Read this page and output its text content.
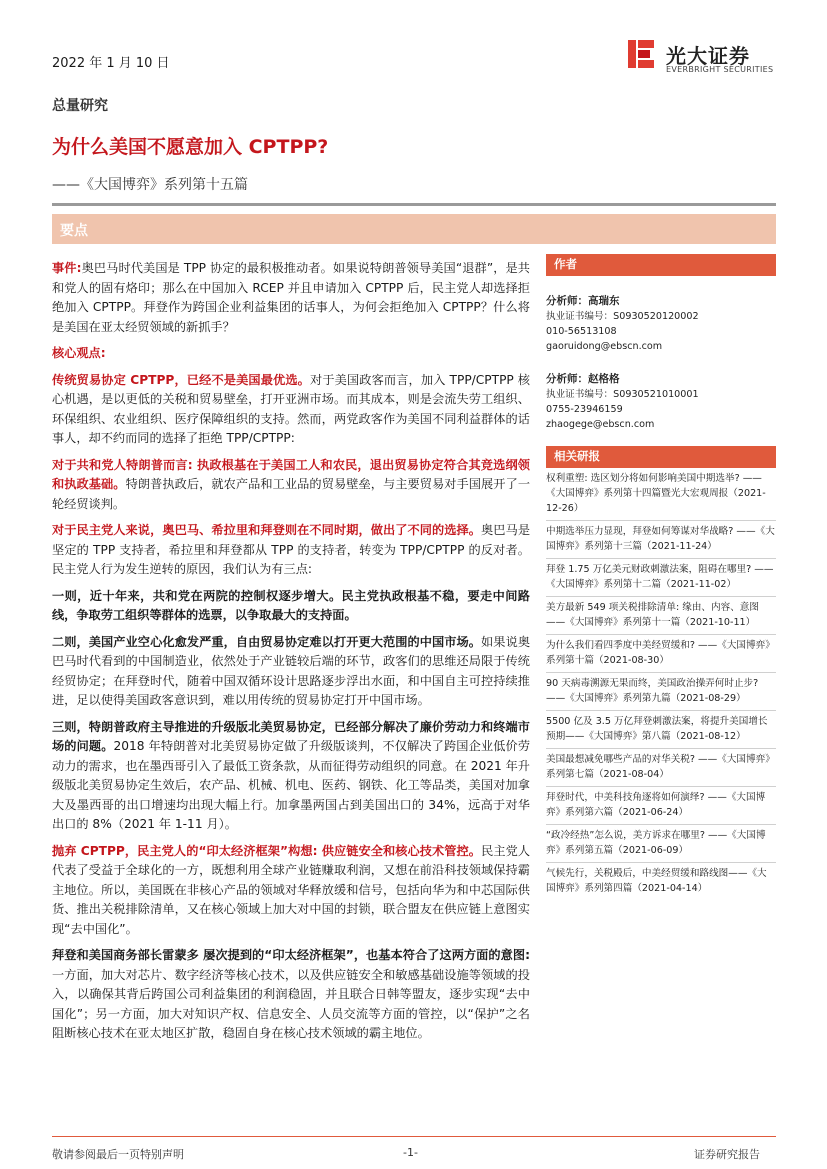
2022 年 1 月 10 日	光大证券
EVERBRIGHT SECURITIES
总量研究
为什么美国不愿意加入 CPTPP?
——《大国博弈》系列第十五篇
要点

事件:奥巴马时代美国是 TPP 协定的最积极推动者。如果说特朗普领导美国“退群”，是共和党人的固有烙印；那么在中国加入 RCEP 并且申请加入 CPTPP 后，民主党人却选择拒绝加入 CPTPP。拜登作为跨国企业利益集团的话事人，为何会拒绝加入 CPTPP？什么将是美国在亚太经贸领域的新抓手？

核心观点:

传统贸易协定 CPTPP，已经不是美国最优选。对于美国政客而言，加入 TPP/CPTPP 核心机遇，是以更低的关税和贸易壁垒，打开亚洲市场。而其成本，则是会流失劳工组织、环保组织、农业组织、医疗保障组织的支持。然而，两党政客作为美国不同利益群体的话事人，却不约而同的选择了拒绝 TPP/CPTPP:

对于共和党人特朗普而言: 执政根基在于美国工人和农民，退出贸易协定符合其竞选纲领和执政基础。特朗普执政后，就农产品和工业品的贸易壁垒，与主要贸易对手国展开了一轮经贸谈判。

对于民主党人来说，奥巴马、希拉里和拜登则在不同时期，做出了不同的选择。奥巴马是坚定的 TPP 支持者，希拉里和拜登都从 TPP 的支持者，转变为 TPP/CPTPP 的反对者。民主党人行为发生逆转的原因，我们认为有三点:

一则，近十年来，共和党在两院的控制权逐步增大。民主党执政根基不稳，要走中间路线，争取劳工组织等群体的选票，以争取最大的支持面。

二则，美国产业空心化愈发严重，自由贸易协定难以打开更大范围的中国市场。如果说奥巴马时代看到的中国制造业，依然处于产业链较后端的环节，政客们的思维还局限于传统经贸协定；在拜登时代，随着中国双循环设计思路逐步浮出水面，和中国自主可控持续推进，足以使得美国政客意识到，难以用传统的贸易协定打开中国市场。

三则，特朗普政府主导推进的升级版北美贸易协定，已经部分解决了廉价劳动力和终端市场的问题。2018 年特朗普对北美贸易协定做了升级版谈判，不仅解决了跨国企业低价劳动力的需求，也在墨西哥引入了最低工资条款，从而征得劳动组织的同意。在 2021 年升级版北美贸易协定生效后，农产品、机械、机电、医药、钢铁、化工等品类，美国对加拿大及墨西哥的出口增速均出现大幅上行。加拿墨两国占到美国出口的 34%，远高于对华出口的 8%（2021 年 1-11 月）。

抛弃 CPTPP，民主党人的“印太经济框架”构想: 供应链安全和核心技术管控。民主党人代表了受益于全球化的一方，既想利用全球产业链赚取利润，又想在前沿科技领域保持霸主地位。所以，美国既在非核心产品的领域对华释放缓和信号，包括向华为和中芯国际供货、推出关税排除清单，又在核心领域上加大对中国的封锁，联合盟友在供应链上意图实现“去中国化”。

拜登和美国商务部长雷蒙多 屡次提到的“印太经济框架”，也基本符合了这两方面的意图:一方面，加大对芯片、数字经济等核心技术，以及供应链安全和敏感基础设施等领域的投入，以确保其背后跨国公司利益集团的利润稳固，并且联合日韩等盟友，逐步实现“去中国化”；另一方面，加大对知识产权、信息安全、人员交流等方面的管控，以“保护”之名阻断核心技术在亚太地区扩散，稳固自身在核心技术领域的霸主地位。

作者
分析师：高瑞东
执业证书编号：S0930520120002
010-56513108
gaoruidong@ebscn.com
分析师：赵格格
执业证书编号：S0930521010001
0755-23946159
zhaogege@ebscn.com
相关研报
权利重塑: 选区划分将如何影响美国中期选举? ——《大国博弈》系列第十四篇暨光大宏观周报（2021-12-26）
中期选举压力显现，拜登如何筹谋对华战略? ——《大国博弈》系列第十三篇（2021-11-24）
拜登 1.75 万亿美元财政刺激法案，阻碍在哪里? ——《大国博弈》系列第十二篇（2021-11-02）
美方最新 549 项关税排除清单: 缘由、内容、意图——《大国博弈》系列第十一篇（2021-10-11）
为什么我们看四季度中美经贸缓和? ——《大国博弈》系列第十篇（2021-08-30）
90 天病毒溯源无果而终，美国政治操弄何时止步? ——《大国博弈》系列第九篇（2021-08-29）
5500 亿及 3.5 万亿拜登刺激法案，将提升美国增长预期——《大国博弈》第八篇（2021-08-12）
美国最想减免哪些产品的对华关税? ——《大国博弈》系列第七篇（2021-08-04）
拜登时代，中美科技角逐将如何演绎? ——《大国博弈》系列第六篇（2021-06-24）
“政冷经热”怎么说，美方诉求在哪里? ——《大国博弈》系列第五篇（2021-06-09）
气候先行，关税殿后，中美经贸缓和路线图——《大国博弈》系列第四篇（2021-04-14）
敬请参阅最后一页特别声明	-1-	证券研究报告
